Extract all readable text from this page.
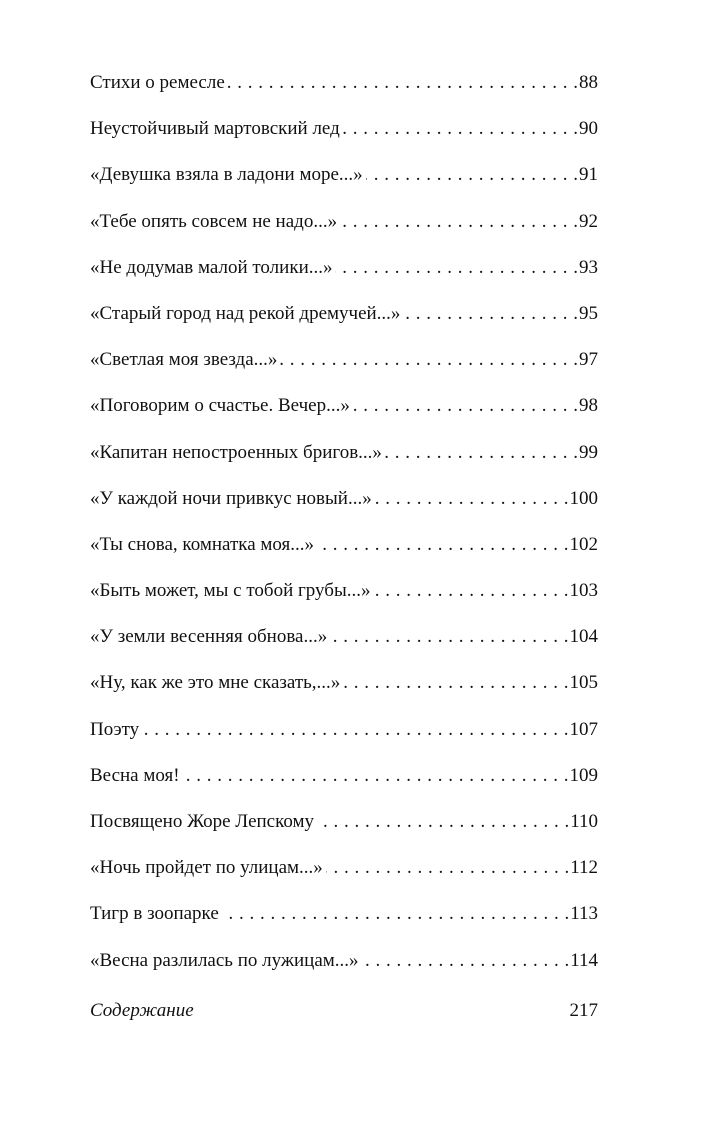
Стихи о ремесле . . .	88
Неустойчивый мартовский лед . . .	90
«Девушка взяла в ладони море...» . . .	91
«Тебе опять совсем не надо...» . . .	92
«Не додумав малой толики...» . . .	93
«Старый город над рекой дремучей...» . . .	95
«Светлая моя звезда...» . . .	97
«Поговорим о счастье. Вечер...» . . .	98
«Капитан непостроенных бригов...» . . .	99
«У каждой ночи привкус новый...» . . .	100
«Ты снова, комнатка моя...» . . .	102
«Быть может, мы с тобой грубы...» . . .	103
«У земли весенняя обнова...» . . .	104
«Ну, как же это мне сказать,...» . . .	105
Поэту . . .	107
Весна моя! . . .	109
Посвящено Жоре Лепскому . . .	110
«Ночь пройдет по улицам...» . . .	112
Тигр в зоопарке . . .	113
«Весна разлилась по лужицам...» . . .	114
Содержание	217
